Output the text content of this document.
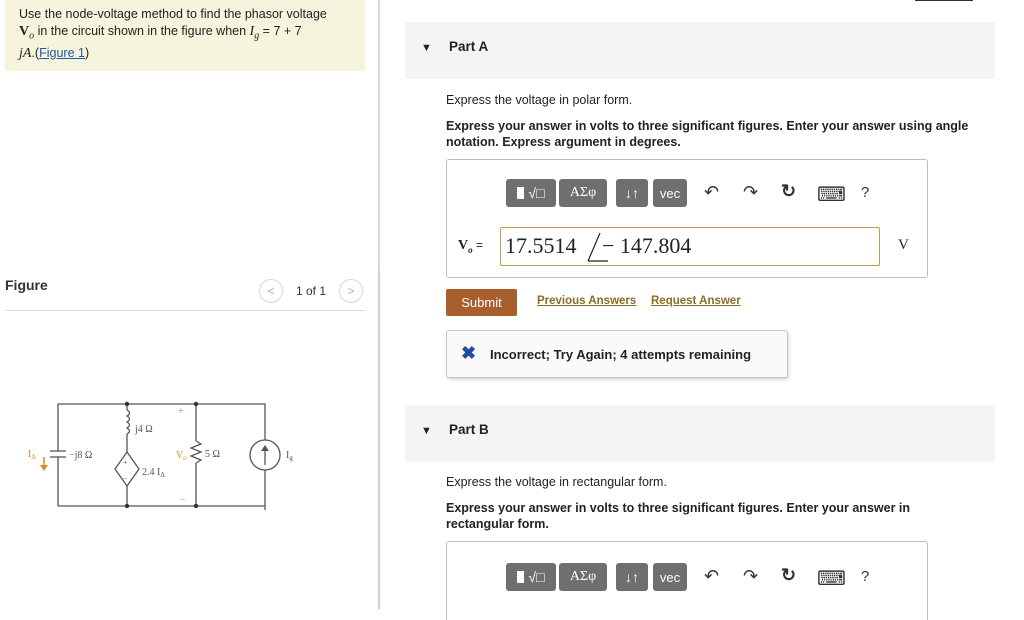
Use the node-voltage method to find the phasor voltage
$V_o$ in the circuit shown in the figure when $I_g = 7 + 7$
jA.(Figure 1)

Figure	<	1 of 1	>
$I_\Delta$	−j8 Ω
j4 Ω
+
$V_o$
−
5 Ω
+
−
2.4 $I_\Delta$
$I_g$
▼ Part A
Express the voltage in polar form.
Express your answer in volts to three significant figures. Enter your answer using angle notation. Express argument in degrees.
√□	ΑΣφ	↓↑	vec	↶ ↷ ↻ ⌨ ?
$V_o = 17.5514 - 147.804$	V
Submit	Previous Answers Request Answer
✖ Incorrect; Try Again; 4 attempts remaining
▼ Part B
Express the voltage in rectangular form.
Express your answer in volts to three significant figures. Enter your answer in rectangular form.
√□	ΑΣφ	↓↑	vec	↶ ↷ ↻ ⌨ ?
